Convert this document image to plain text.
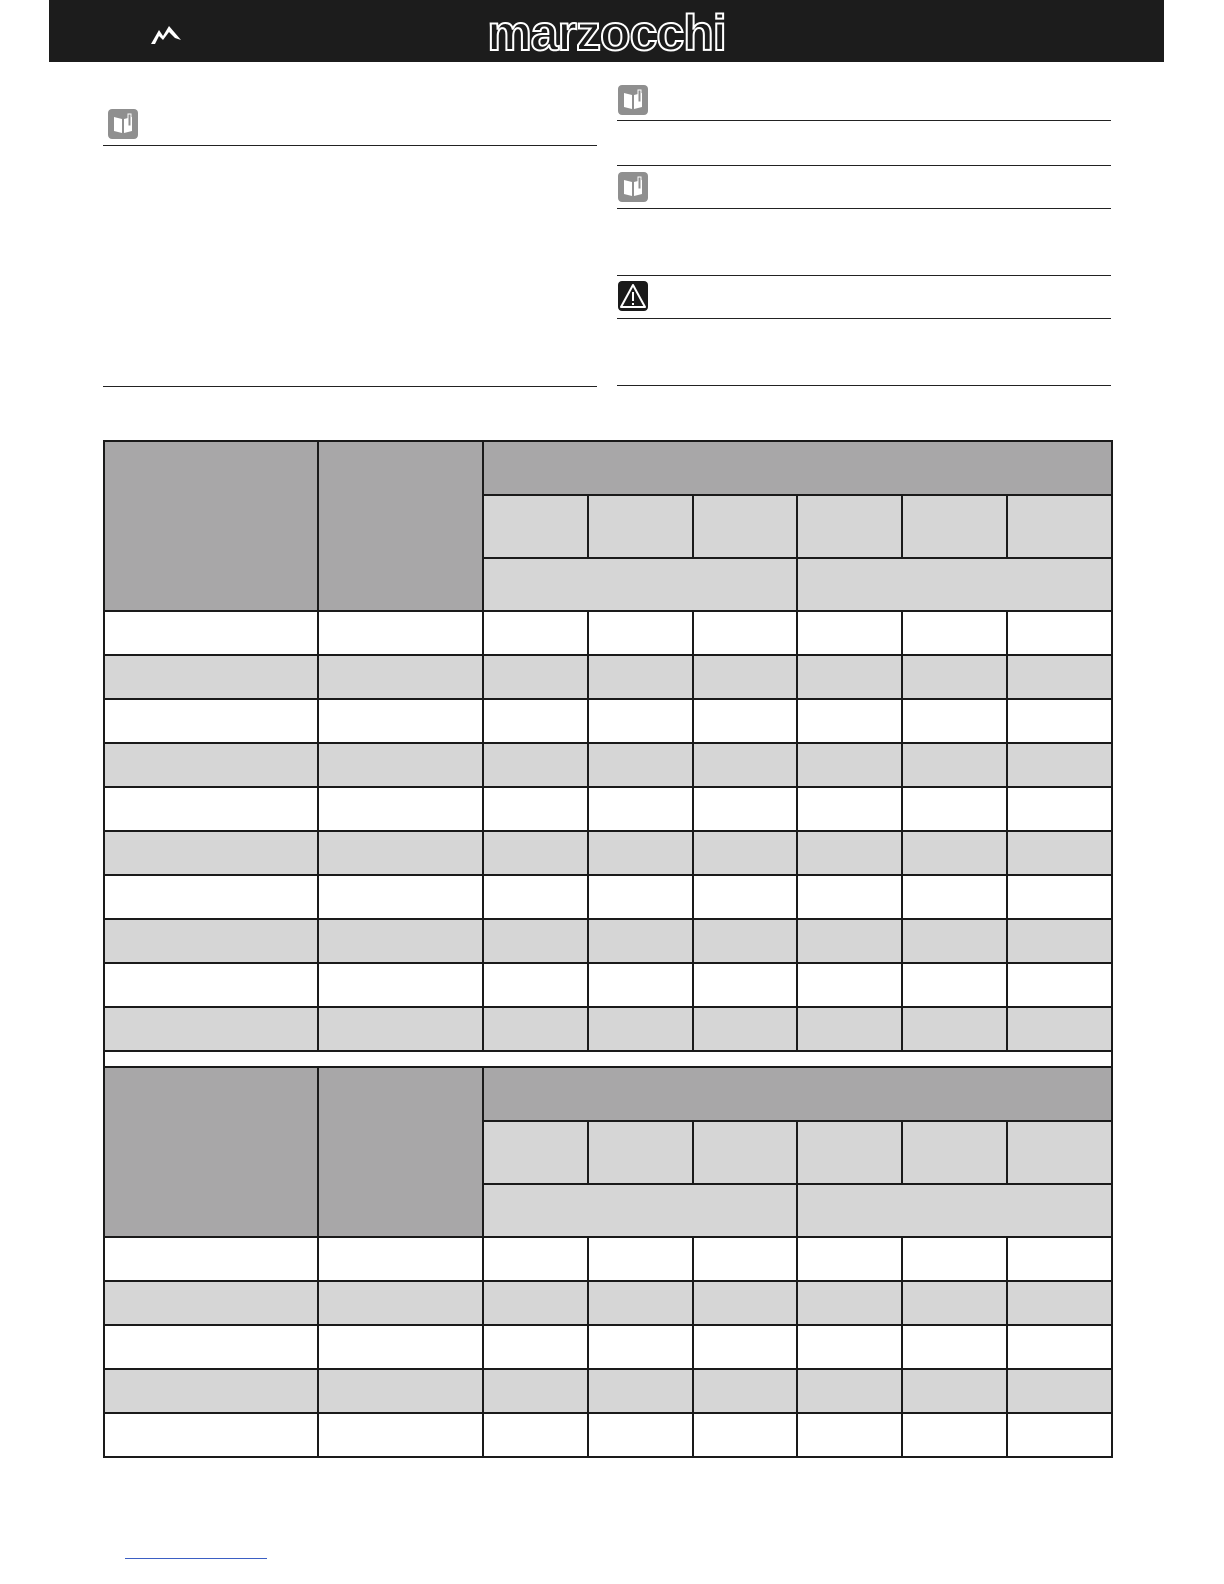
marzocchi
